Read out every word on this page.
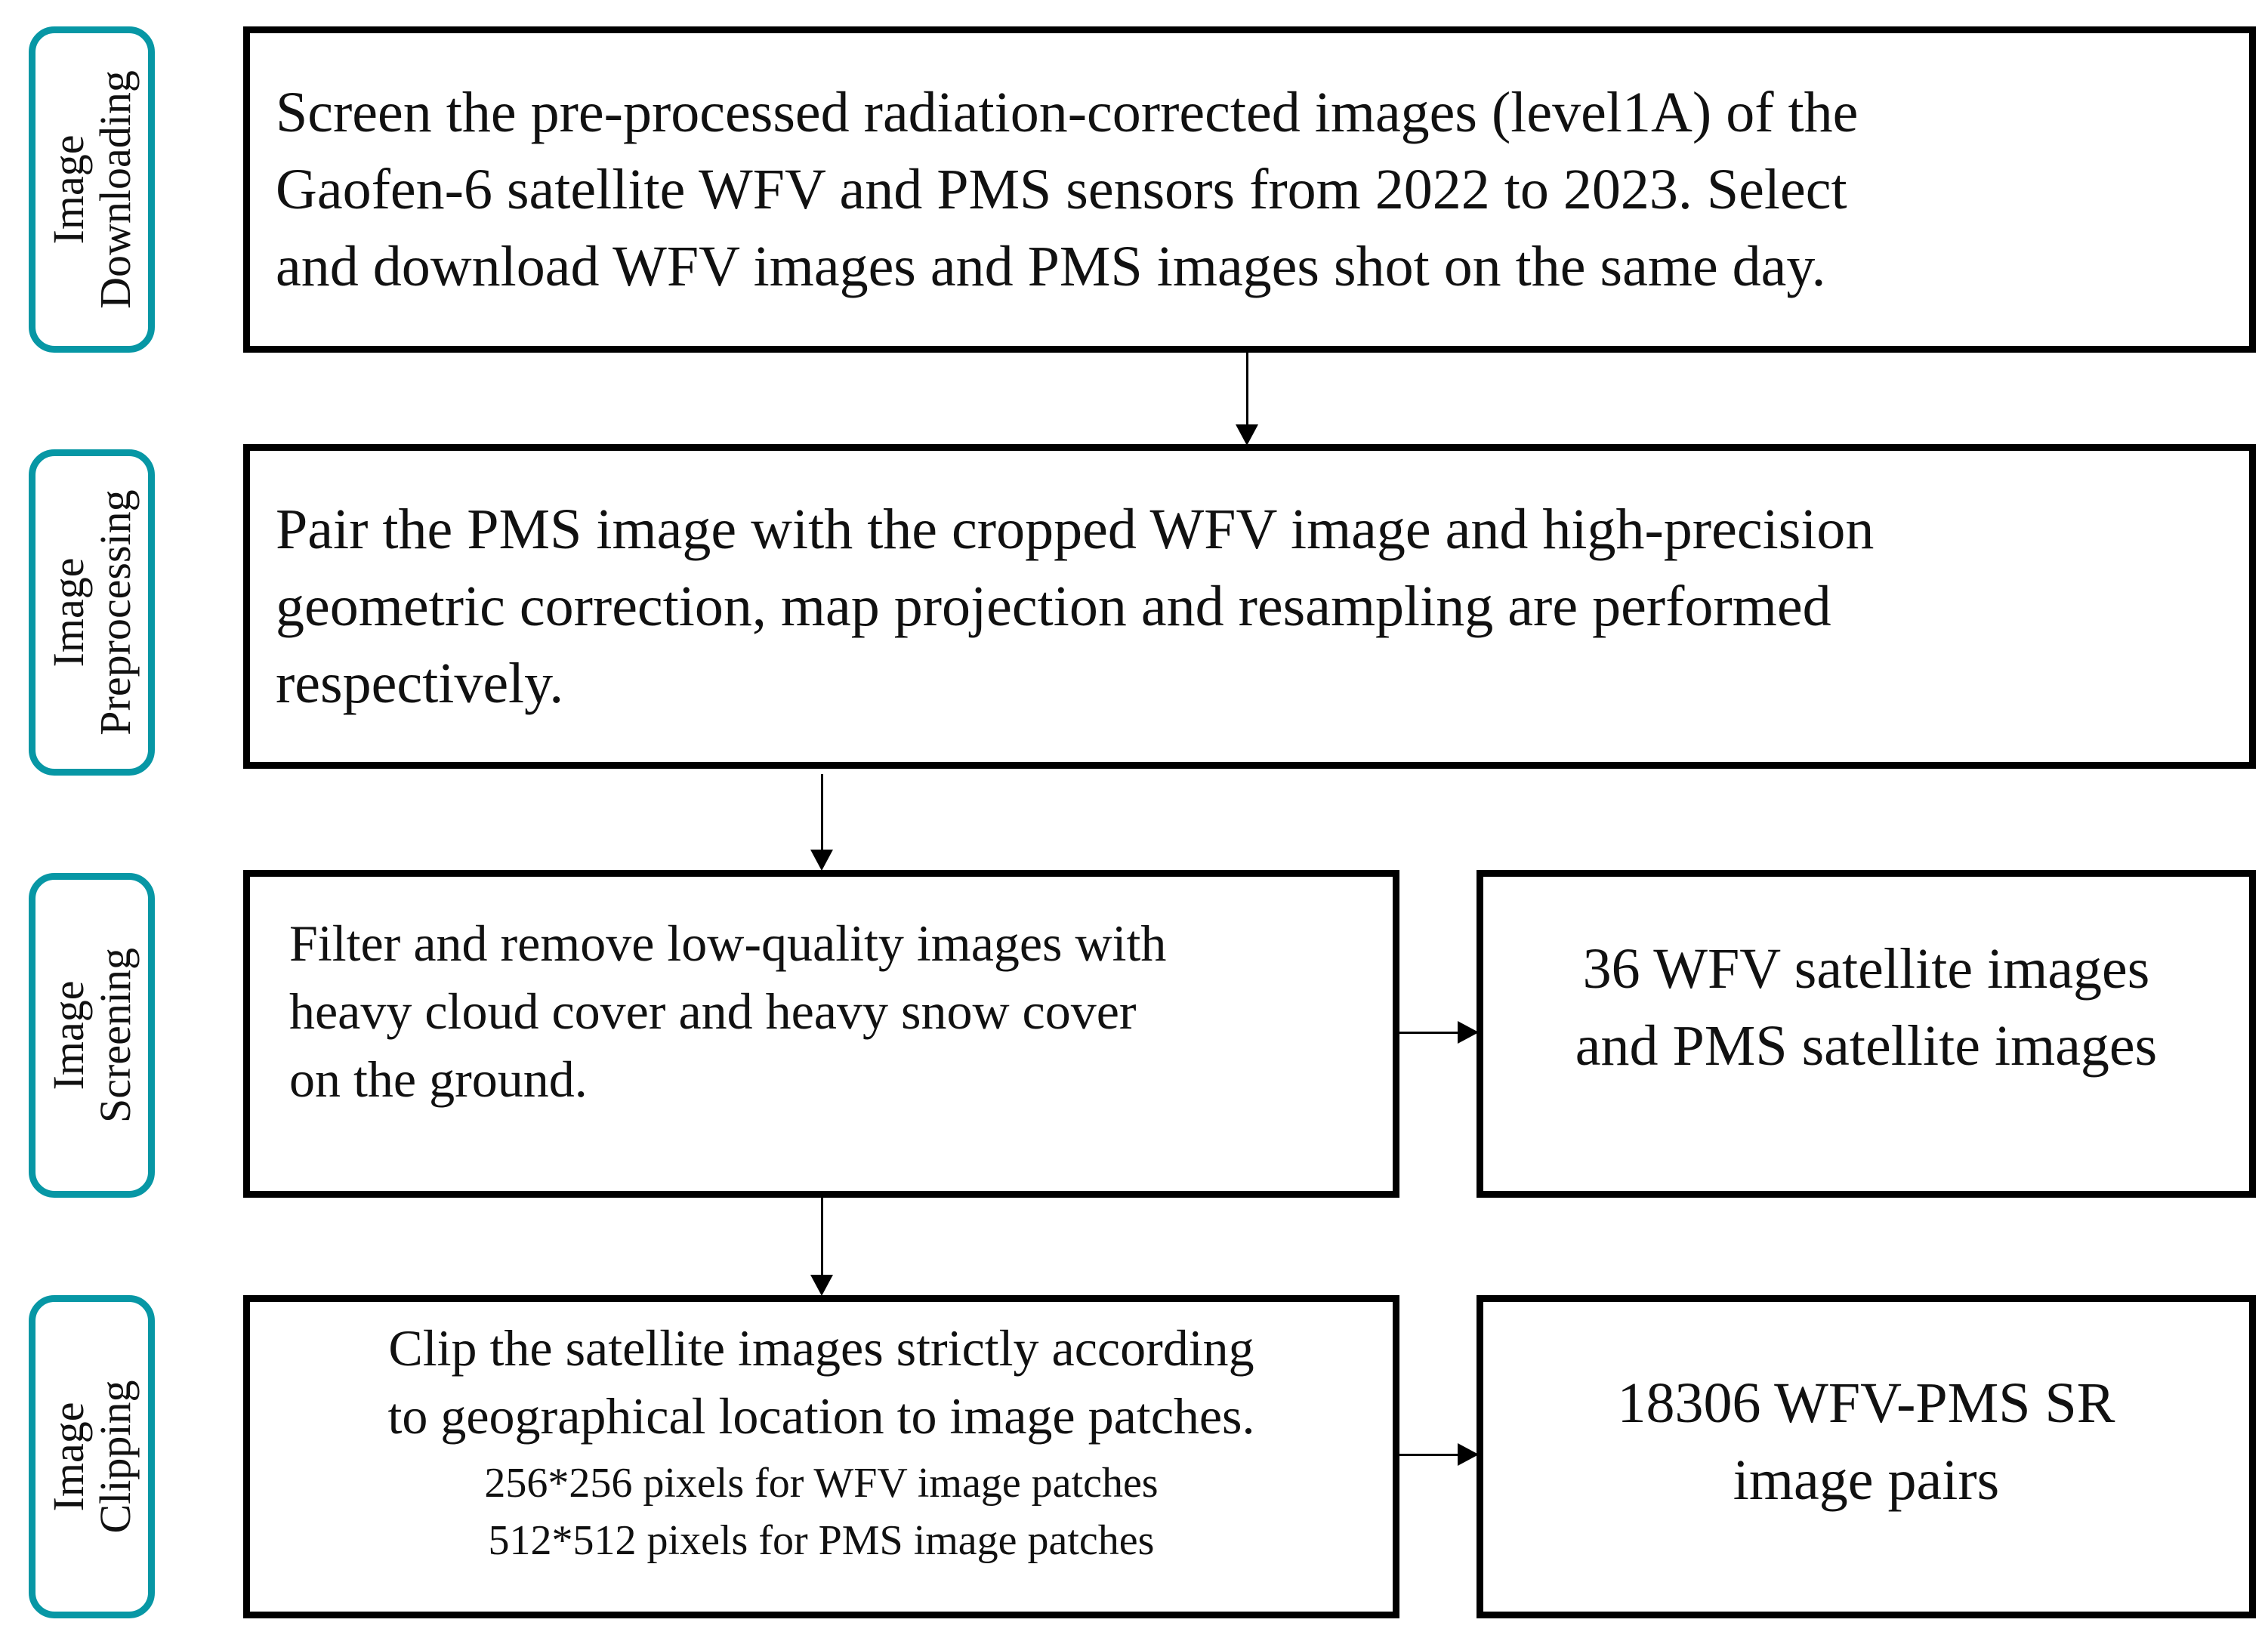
Image
Downloading
Image
Preprocessing
Image
Screening
Image
Clipping
Screen the pre-processed radiation-corrected images (level1A) of the
Gaofen-6 satellite WFV and PMS sensors from 2022 to 2023. Select
and download WFV images and PMS images shot on the same day.
Pair the PMS image with the cropped WFV image and high-precision
geometric correction, map projection and resampling are performed
respectively.
Filter and remove low-quality images with
heavy cloud cover and heavy snow cover
on the ground.
36 WFV satellite images
and PMS satellite images
Clip the satellite images strictly according
to geographical location to image patches.
256*256 pixels for WFV image patches
512*512 pixels for PMS image patches
18306 WFV-PMS SR
image pairs
